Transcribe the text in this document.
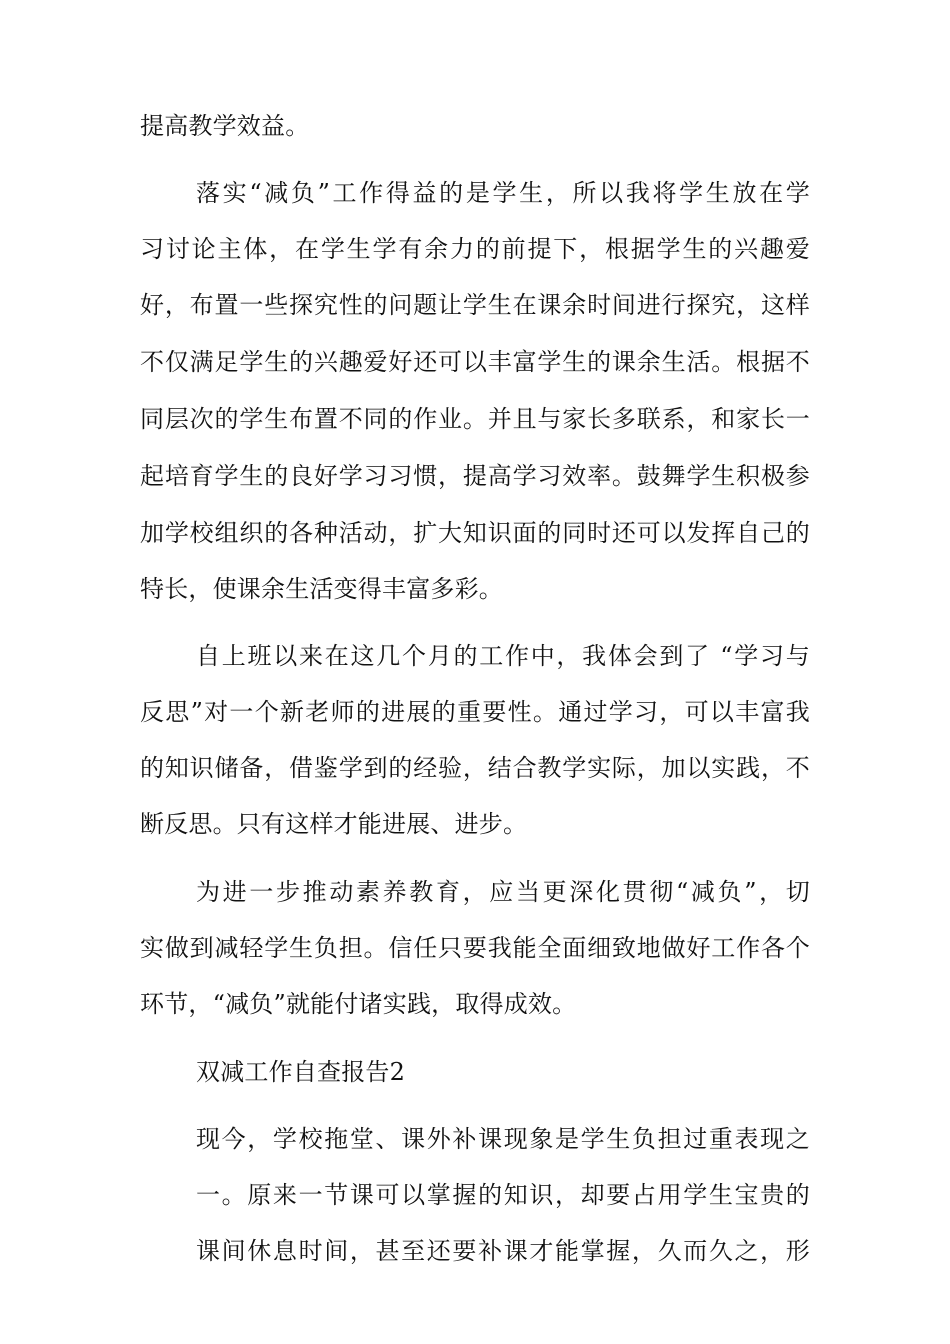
提高教学效益。
落实“减负”工作得益的是学生，所以我将学生放在学
习讨论主体，在学生学有余力的前提下，根据学生的兴趣爱
好，布置一些探究性的问题让学生在课余时间进行探究，这样
不仅满足学生的兴趣爱好还可以丰富学生的课余生活。根据不
同层次的学生布置不同的作业。并且与家长多联系，和家长一
起培育学生的良好学习习惯，提高学习效率。鼓舞学生积极参
加学校组织的各种活动，扩大知识面的同时还可以发挥自己的
特长，使课余生活变得丰富多彩。
自上班以来在这几个月的工作中，我体会到了 “学习与
反思”对一个新老师的进展的重要性。通过学习，可以丰富我
的知识储备，借鉴学到的经验，结合教学实际，加以实践，不
断反思。只有这样才能进展、进步。
为进一步推动素养教育，应当更深化贯彻“减负”，切
实做到减轻学生负担。信任只要我能全面细致地做好工作各个
环节，“减负”就能付诸实践，取得成效。
双减工作自查报告2
现今，学校拖堂、课外补课现象是学生负担过重表现之
一。原来一节课可以掌握的知识，却要占用学生宝贵的
课间休息时间，甚至还要补课才能掌握，久而久之，形
